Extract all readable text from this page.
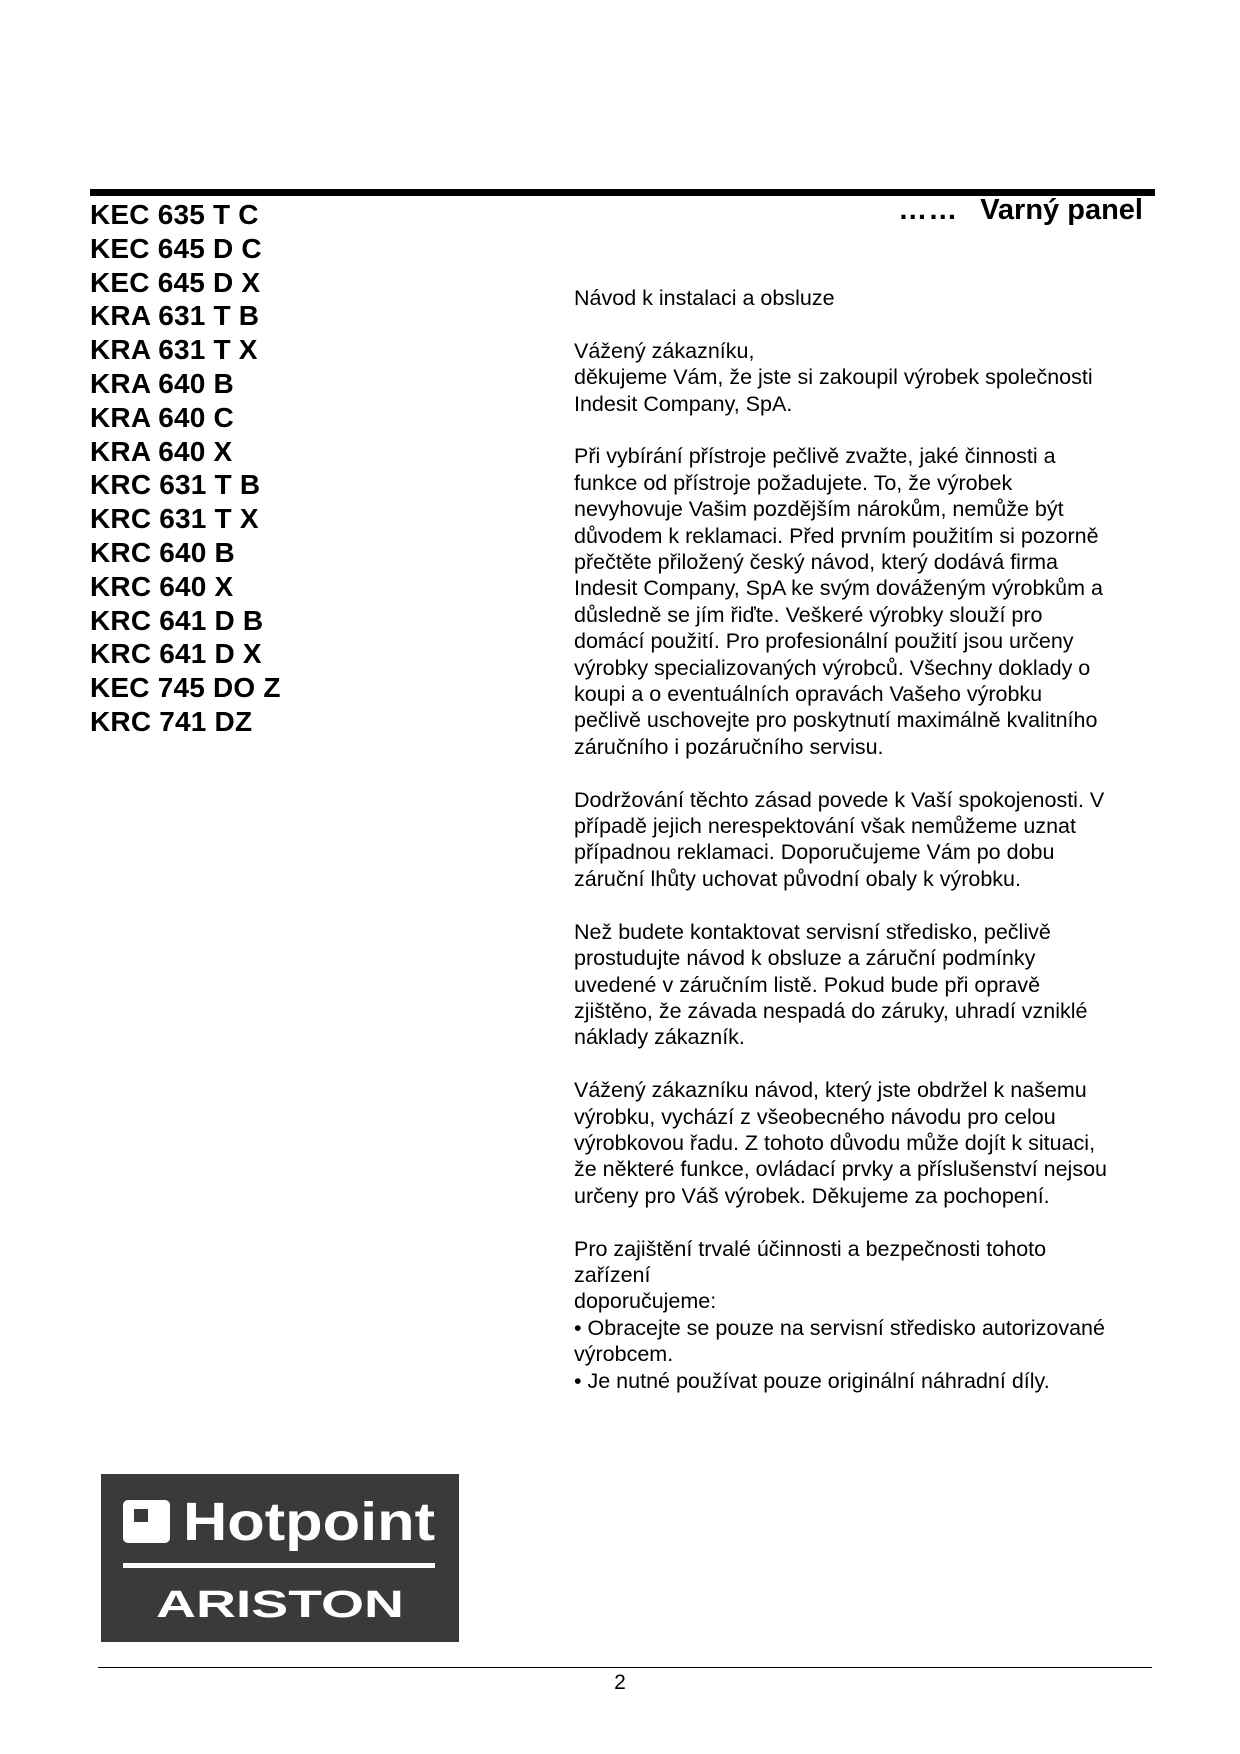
KEC 635 T C
KEC 645 D C
KEC 645 D X
KRA 631 T B
KRA 631 T X
KRA 640 B
KRA 640 C
KRA 640 X
KRC 631 T B
KRC 631 T X
KRC 640 B
KRC 640 X
KRC 641 D B
KRC 641 D X
KEC 745 DO Z
KRC 741 DZ
…… Varný panel

Návod k instalaci a obsluze

Vážený zákazníku,
děkujeme Vám, že jste si zakoupil výrobek společnosti
Indesit Company, SpA.

Při vybírání přístroje pečlivě zvažte, jaké činnosti a
funkce od přístroje požadujete. To, že výrobek
nevyhovuje Vašim pozdějším nárokům, nemůže být
důvodem k reklamaci. Před prvním použitím si pozorně
přečtěte přiložený český návod, který dodává firma
Indesit Company, SpA ke svým dováženým výrobkům a
důsledně se jím řiďte. Veškeré výrobky slouží pro
domácí použití. Pro profesionální použití jsou určeny
výrobky specializovaných výrobců. Všechny doklady o
koupi a o eventuálních opravách Vašeho výrobku
pečlivě uschovejte pro poskytnutí maximálně kvalitního
záručního i pozáručního servisu.

Dodržování těchto zásad povede k Vaší spokojenosti. V
případě jejich nerespektování však nemůžeme uznat
případnou reklamaci. Doporučujeme Vám po dobu
záruční lhůty uchovat původní obaly k výrobku.

Než budete kontaktovat servisní středisko, pečlivě
prostudujte návod k obsluze a záruční podmínky
uvedené v záručním listě. Pokud bude při opravě
zjištěno, že závada nespadá do záruky, uhradí vzniklé
náklady zákazník.

Vážený zákazníku návod, který jste obdržel k našemu
výrobku, vychází z všeobecného návodu pro celou
výrobkovou řadu. Z tohoto důvodu může dojít k situaci,
že některé funkce, ovládací prvky a příslušenství nejsou
určeny pro Váš výrobek. Děkujeme za pochopení.

Pro zajištění trvalé účinnosti a bezpečnosti tohoto
zařízení
doporučujeme:
• Obracejte se pouze na servisní středisko autorizované
výrobcem.
• Je nutné používat pouze originální náhradní díly.

Hotpoint
ARISTON
2
